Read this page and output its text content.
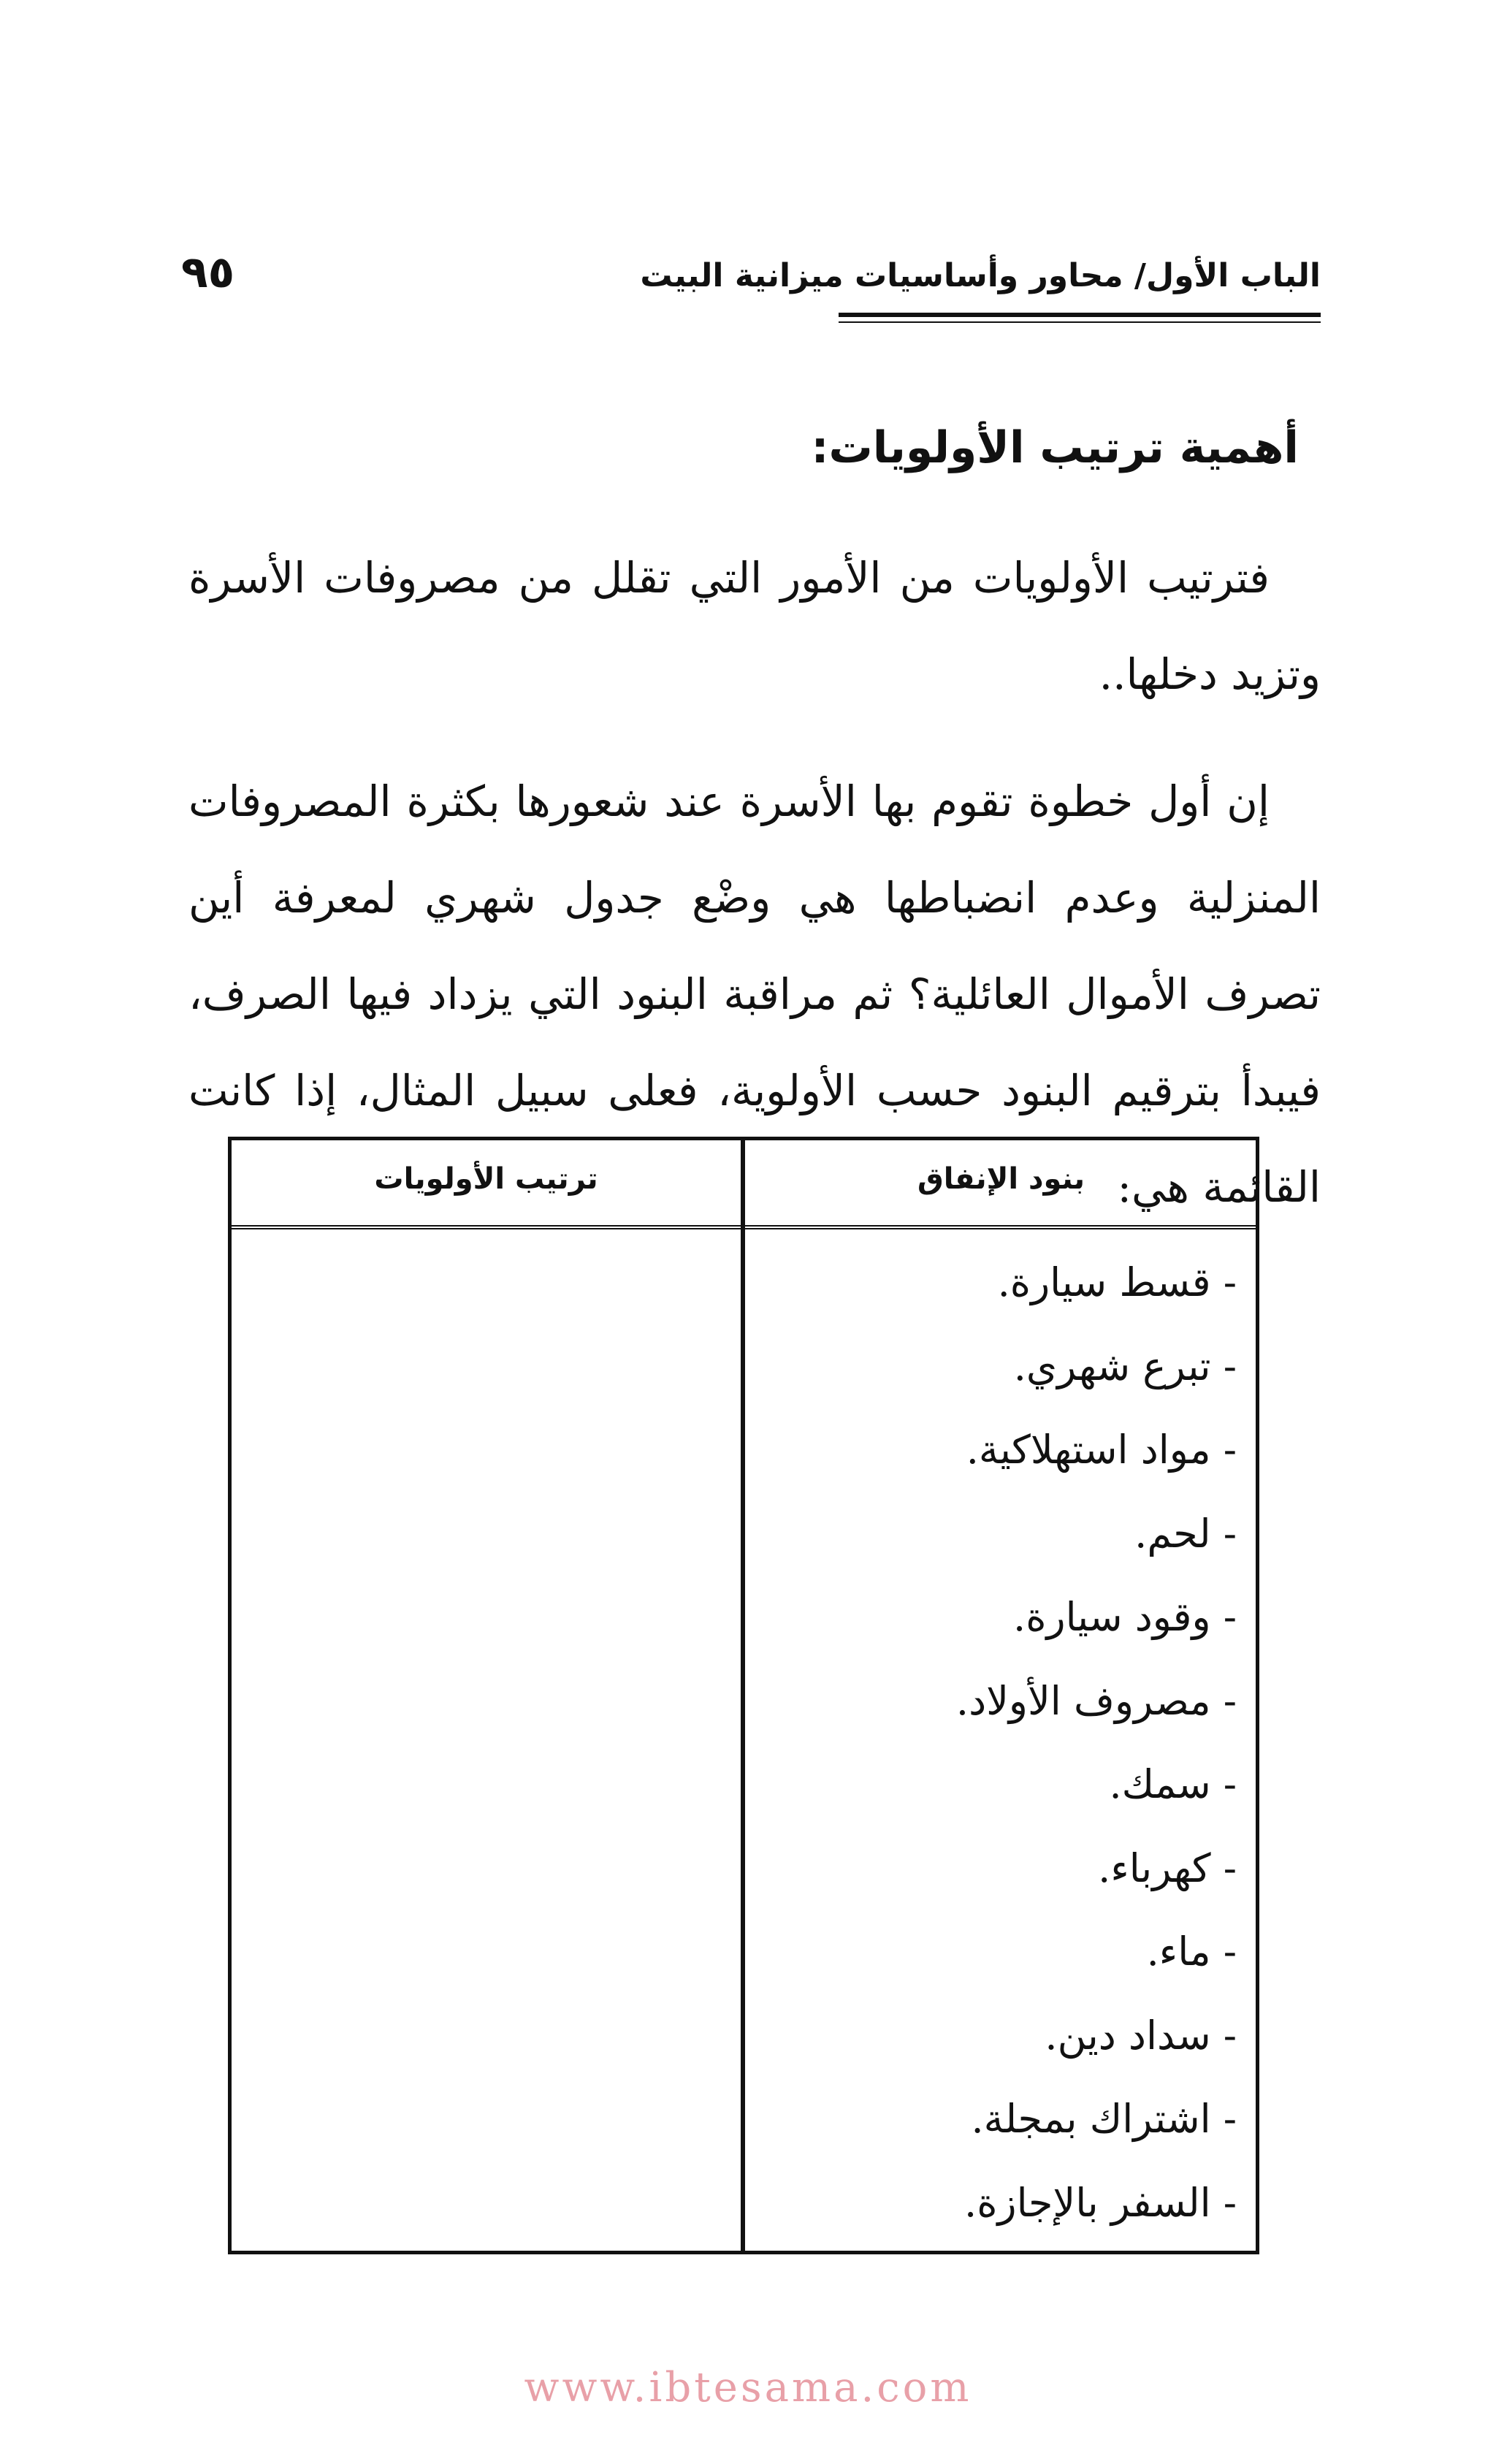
الباب الأول/ محاور وأساسيات ميزانية البيت
٩٥
أهمية ترتيب الأولويات:

فترتيب الأولويات من الأمور التي تقلل من مصروفات الأسرة وتزيد دخلها..

إن أول خطوة تقوم بها الأسرة عند شعورها بكثرة المصروفات المنزلية وعدم انضباطها هي وضْع جدول شهري لمعرفة أين تصرف الأموال العائلية؟ ثم مراقبة البنود التي يزداد فيها الصرف، فيبدأ بترقيم البنود حسب الأولوية، فعلى سبيل المثال، إذا كانت القائمة هي:

بنود الإنفاق
ترتيب الأولويات
- قسط سيارة.
- تبرع شهري.
- مواد استهلاكية.
- لحم.
- وقود سيارة.
- مصروف الأولاد.
- سمك.
- كهرباء.
- ماء.
- سداد دين.
- اشتراك بمجلة.
- السفر بالإجازة.
www.ibtesama.com
